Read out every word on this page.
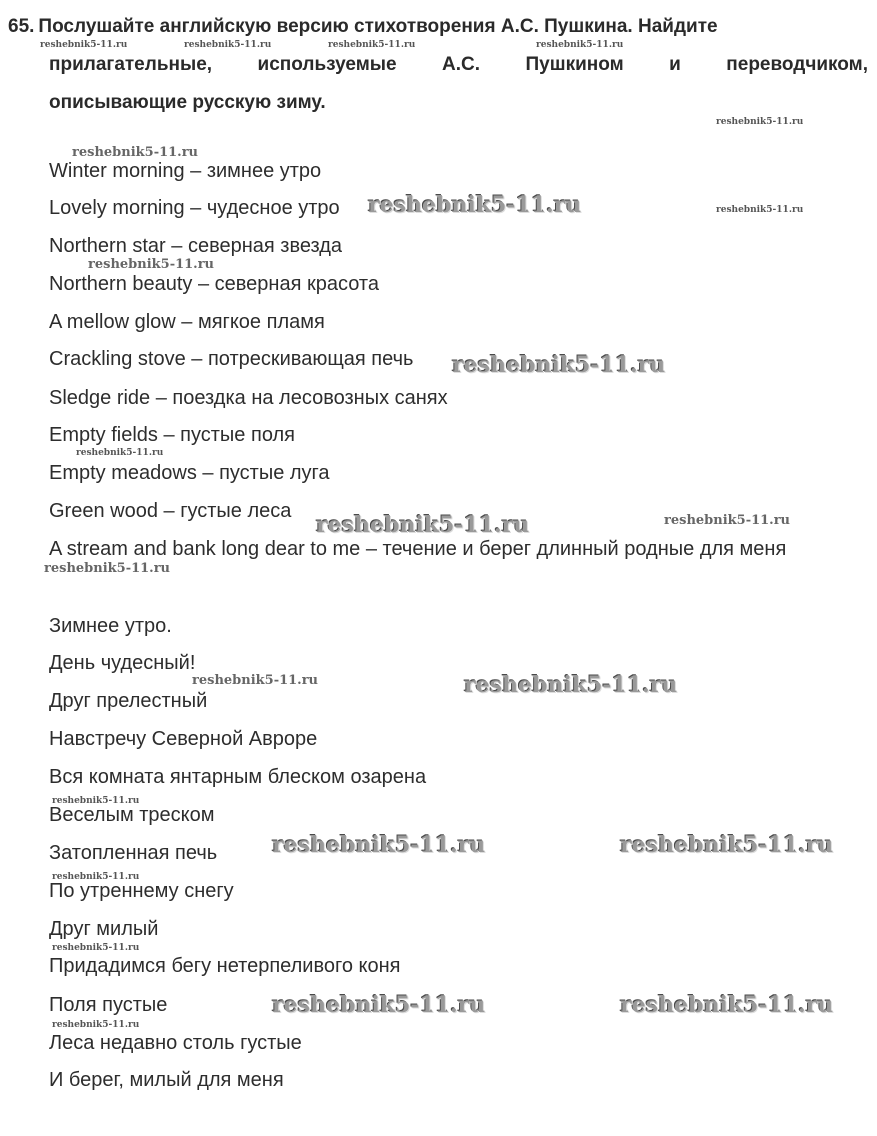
65. Послушайте английскую версию стихотворения А.С. Пушкина. Найдите
прилагательные, используемые А.С. Пушкином и переводчиком,
описывающие русскую зиму.
Winter morning – зимнее утро
Lovely morning – чудесное утро
Northern star – северная звезда
Northern beauty – северная красота
A mellow glow – мягкое пламя
Crackling stove – потрескивающая печь
Sledge ride – поездка на лесовозных санях
Empty fields – пустые поля
Empty meadows – пустые луга
Green wood – густые леса
A stream and bank long dear to me – течение и берег длинный родные для меня
Зимнее утро.
День чудесный!
Друг прелестный
Навстречу Северной Авроре
Вся комната янтарным блеском озарена
Веселым треском
Затопленная печь
По утреннему снегу
Друг милый
Придадимся бегу нетерпеливого коня
Поля пустые
Леса недавно столь густые
И берег, милый для меня
reshebnik5-11.ru	reshebnik5-11.ru	reshebnik5-11.ru	reshebnik5-11.ru
reshebnik5-11.ru
reshebnik5-11.ru
reshebnik5-11.ru	reshebnik5-11.ru
reshebnik5-11.ru
reshebnik5-11.ru
reshebnik5-11.ru
reshebnik5-11.ru	reshebnik5-11.ru
reshebnik5-11.ru
reshebnik5-11.ru	reshebnik5-11.ru
reshebnik5-11.ru
reshebnik5-11.ru	reshebnik5-11.ru
reshebnik5-11.ru
reshebnik5-11.ru
reshebnik5-11.ru	reshebnik5-11.ru
reshebnik5-11.ru
